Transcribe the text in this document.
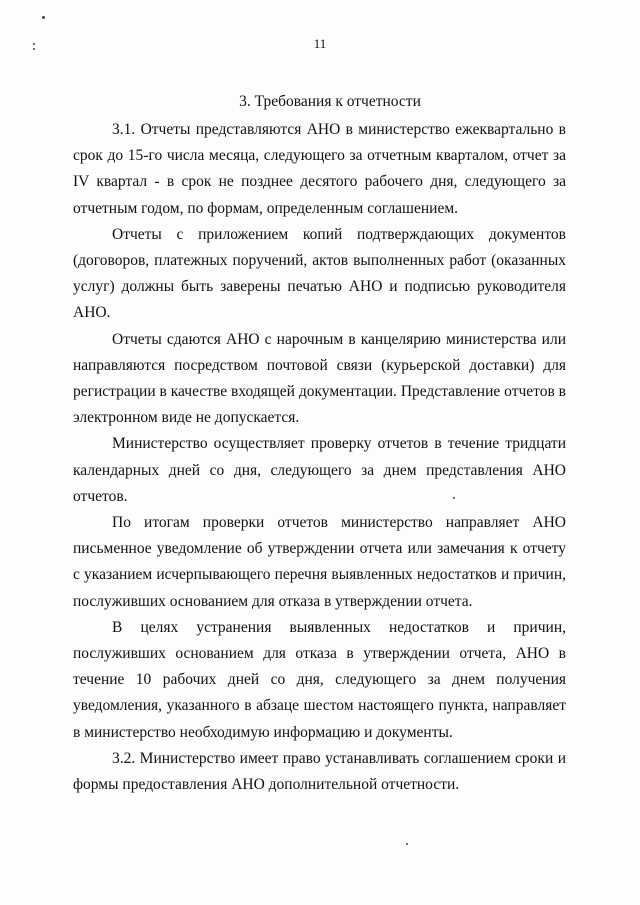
11
3. Требования к отчетности

3.1. Отчеты представляются АНО в министерство ежеквартально в срок до 15-го числа месяца, следующего за отчетным кварталом, отчет за IV квартал - в срок не позднее десятого рабочего дня, следующего за отчетным годом, по формам, определенным соглашением.

Отчеты с приложением копий подтверждающих документов (договоров, платежных поручений, актов выполненных работ (оказанных услуг) должны быть заверены печатью АНО и подписью руководителя АНО.

Отчеты сдаются АНО с нарочным в канцелярию министерства или направляются посредством почтовой связи (курьерской доставки) для регистрации в качестве входящей документации. Представление отчетов в электронном виде не допускается.

Министерство осуществляет проверку отчетов в течение тридцати календарных дней со дня, следующего за днем представления АНО отчетов.

По итогам проверки отчетов министерство направляет АНО письменное уведомление об утверждении отчета или замечания к отчету с указанием исчерпывающего перечня выявленных недостатков и причин, послуживших основанием для отказа в утверждении отчета.

В целях устранения выявленных недостатков и причин, послуживших основанием для отказа в утверждении отчета, АНО в течение 10 рабочих дней со дня, следующего за днем получения уведомления, указанного в абзаце шестом настоящего пункта, направляет в министерство необходимую информацию и документы.

3.2. Министерство имеет право устанавливать соглашением сроки и формы предоставления АНО дополнительной отчетности.
